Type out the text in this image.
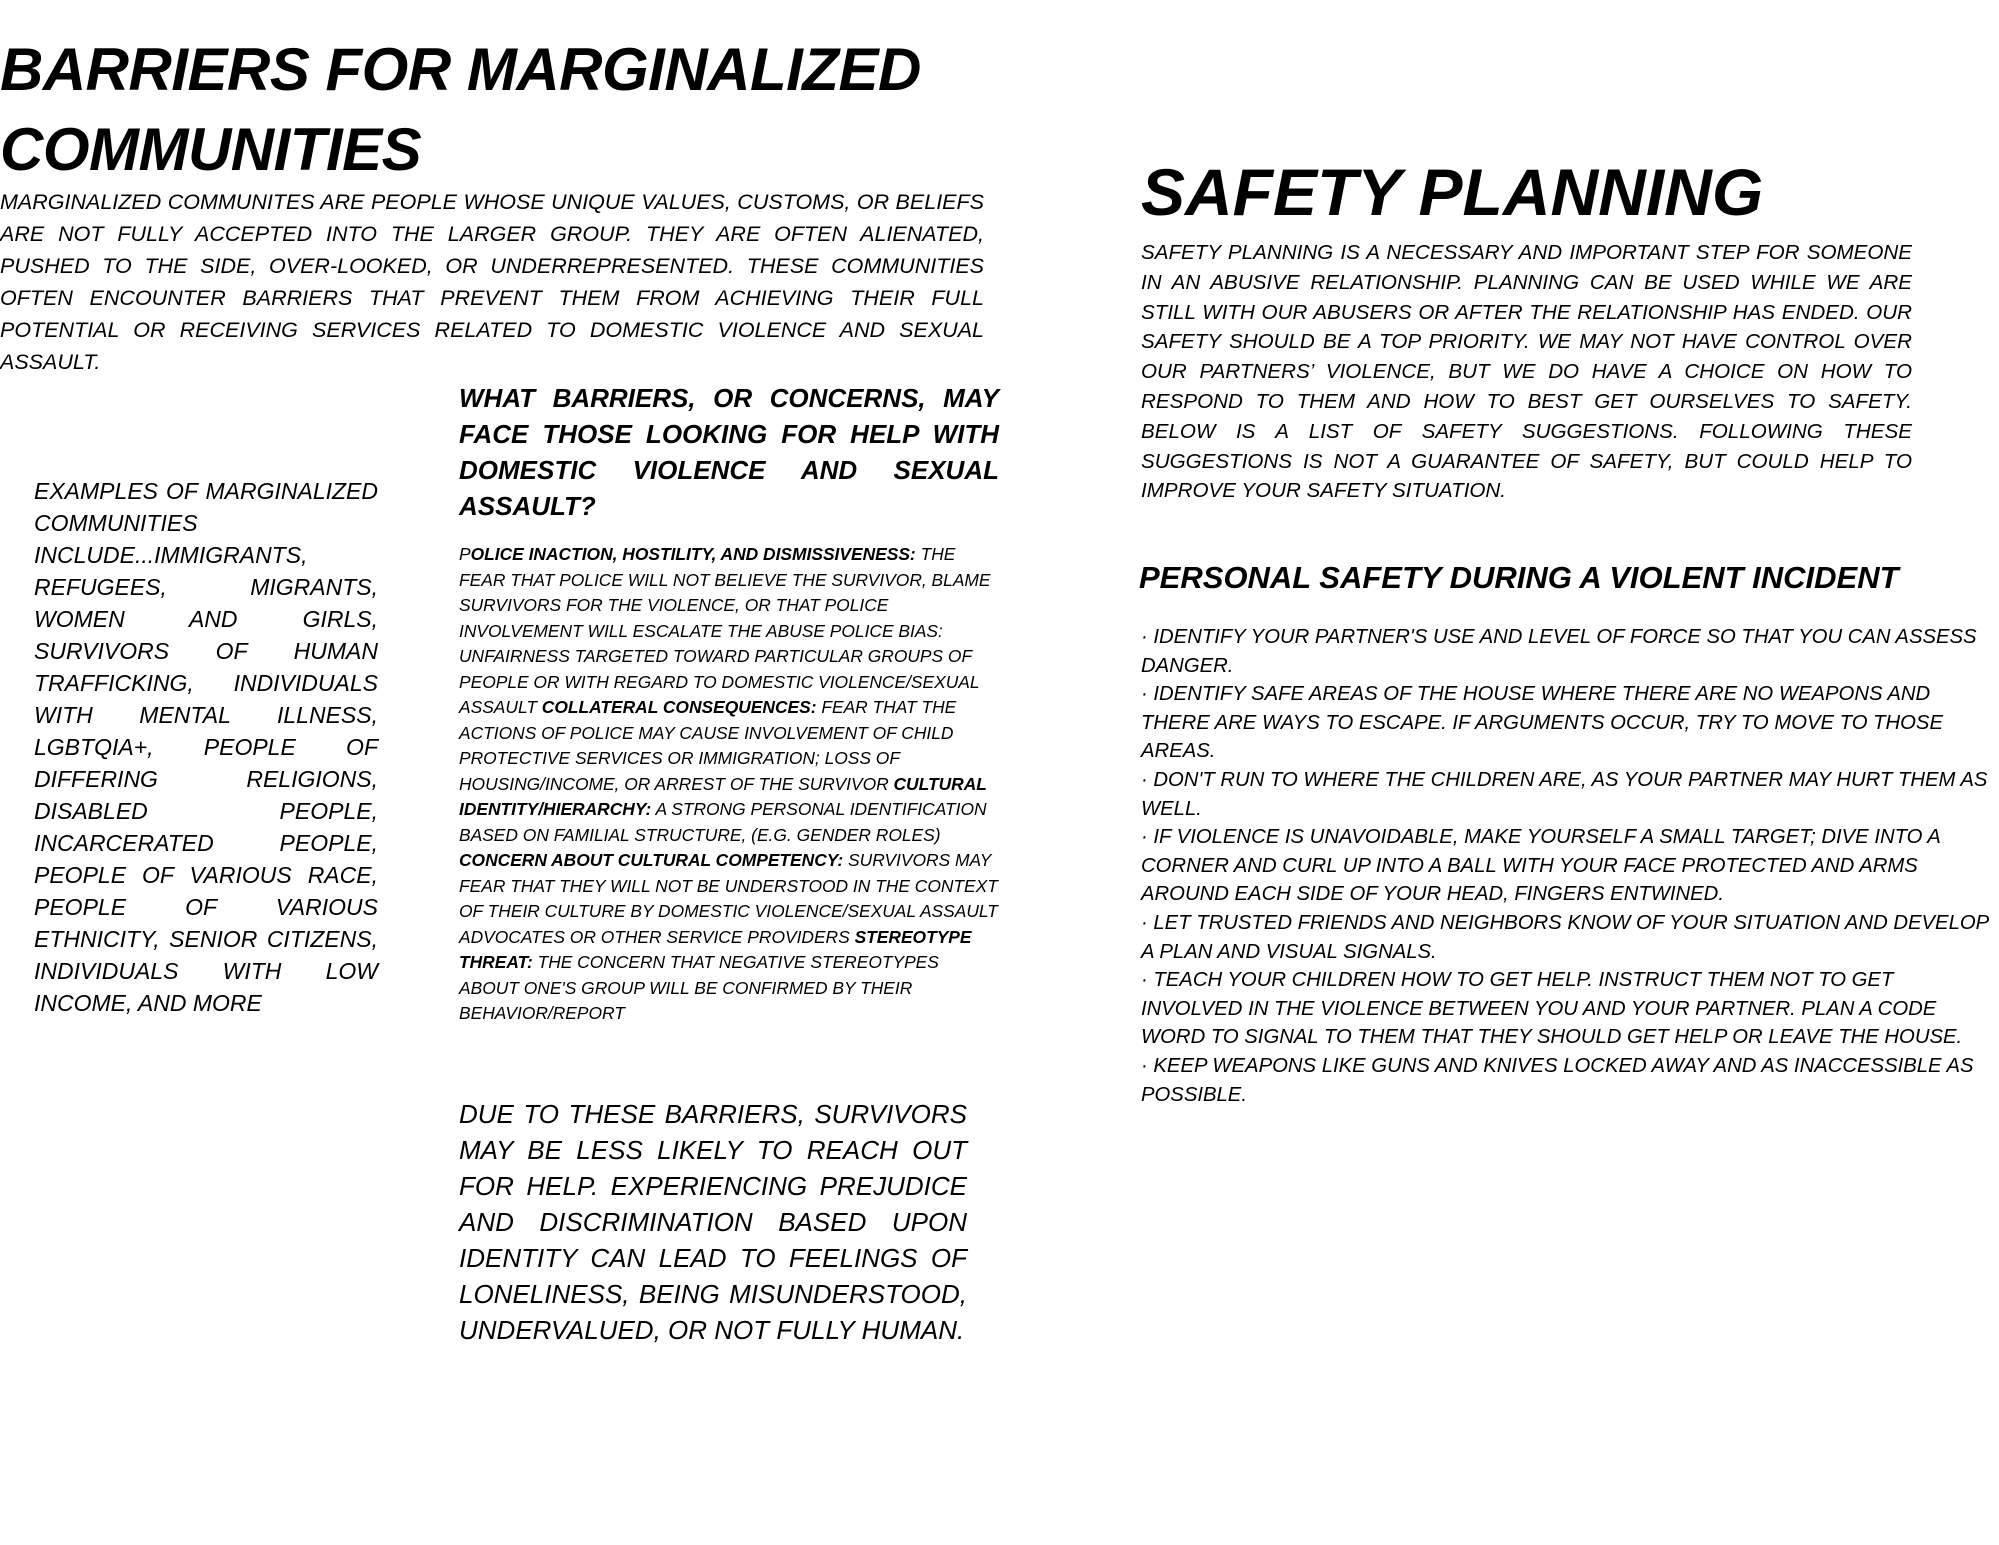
BARRIERS FOR MARGINALIZED COMMUNITIES

MARGINALIZED COMMUNITES ARE PEOPLE WHOSE UNIQUE VALUES, CUSTOMS, OR BELIEFS ARE NOT FULLY ACCEPTED INTO THE LARGER GROUP. THEY ARE OFTEN ALIENATED, PUSHED TO THE SIDE, OVER-LOOKED, OR UNDERREPRESENTED. THESE COMMUNITIES OFTEN ENCOUNTER BARRIERS THAT PREVENT THEM FROM ACHIEVING THEIR FULL POTENTIAL OR RECEIVING SERVICES RELATED TO DOMESTIC VIOLENCE AND SEXUAL ASSAULT.

EXAMPLES OF MARGINALIZED COMMUNITIES INCLUDE...IMMIGRANTS, REFUGEES, MIGRANTS, WOMEN AND GIRLS, SURVIVORS OF HUMAN TRAFFICKING, INDIVIDUALS WITH MENTAL ILLNESS, LGBTQIA+, PEOPLE OF DIFFERING RELIGIONS, DISABLED PEOPLE, INCARCERATED PEOPLE, PEOPLE OF VARIOUS RACE, PEOPLE OF VARIOUS ETHNICITY, SENIOR CITIZENS, INDIVIDUALS WITH LOW INCOME, AND MORE

WHAT BARRIERS, OR CONCERNS, MAY FACE THOSE LOOKING FOR HELP WITH DOMESTIC VIOLENCE AND SEXUAL ASSAULT?

POLICE INACTION, HOSTILITY, AND DISMISSIVENESS: THE FEAR THAT POLICE WILL NOT BELIEVE THE SURVIVOR, BLAME SURVIVORS FOR THE VIOLENCE, OR THAT POLICE INVOLVEMENT WILL ESCALATE THE ABUSE POLICE BIAS: UNFAIRNESS TARGETED TOWARD PARTICULAR GROUPS OF PEOPLE OR WITH REGARD TO DOMESTIC VIOLENCE/SEXUAL ASSAULT COLLATERAL CONSEQUENCES: FEAR THAT THE ACTIONS OF POLICE MAY CAUSE INVOLVEMENT OF CHILD PROTECTIVE SERVICES OR IMMIGRATION; LOSS OF HOUSING/INCOME, OR ARREST OF THE SURVIVOR CULTURAL IDENTITY/HIERARCHY: A STRONG PERSONAL IDENTIFICATION BASED ON FAMILIAL STRUCTURE, (E.G. GENDER ROLES) CONCERN ABOUT CULTURAL COMPETENCY: SURVIVORS MAY FEAR THAT THEY WILL NOT BE UNDERSTOOD IN THE CONTEXT OF THEIR CULTURE BY DOMESTIC VIOLENCE/SEXUAL ASSAULT ADVOCATES OR OTHER SERVICE PROVIDERS STEREOTYPE THREAT: THE CONCERN THAT NEGATIVE STEREOTYPES ABOUT ONE'S GROUP WILL BE CONFIRMED BY THEIR BEHAVIOR/REPORT

DUE TO THESE BARRIERS, SURVIVORS MAY BE LESS LIKELY TO REACH OUT FOR HELP. EXPERIENCING PREJUDICE AND DISCRIMINATION BASED UPON IDENTITY CAN LEAD TO FEELINGS OF LONELINESS, BEING MISUNDERSTOOD, UNDERVALUED, OR NOT FULLY HUMAN.

SAFETY PLANNING

SAFETY PLANNING IS A NECESSARY AND IMPORTANT STEP FOR SOMEONE IN AN ABUSIVE RELATIONSHIP. PLANNING CAN BE USED WHILE WE ARE STILL WITH OUR ABUSERS OR AFTER THE RELATIONSHIP HAS ENDED. OUR SAFETY SHOULD BE A TOP PRIORITY. WE MAY NOT HAVE CONTROL OVER OUR PARTNERS’ VIOLENCE, BUT WE DO HAVE A CHOICE ON HOW TO RESPOND TO THEM AND HOW TO BEST GET OURSELVES TO SAFETY. BELOW IS A LIST OF SAFETY SUGGESTIONS. FOLLOWING THESE SUGGESTIONS IS NOT A GUARANTEE OF SAFETY, BUT COULD HELP TO IMPROVE YOUR SAFETY SITUATION.

PERSONAL SAFETY DURING A VIOLENT INCIDENT
· IDENTIFY YOUR PARTNER'S USE AND LEVEL OF FORCE SO THAT YOU CAN ASSESS DANGER.
· IDENTIFY SAFE AREAS OF THE HOUSE WHERE THERE ARE NO WEAPONS AND THERE ARE WAYS TO ESCAPE. IF ARGUMENTS OCCUR, TRY TO MOVE TO THOSE AREAS.
· DON'T RUN TO WHERE THE CHILDREN ARE, AS YOUR PARTNER MAY HURT THEM AS WELL.
· IF VIOLENCE IS UNAVOIDABLE, MAKE YOURSELF A SMALL TARGET; DIVE INTO A CORNER AND CURL UP INTO A BALL WITH YOUR FACE PROTECTED AND ARMS AROUND EACH SIDE OF YOUR HEAD, FINGERS ENTWINED.
· LET TRUSTED FRIENDS AND NEIGHBORS KNOW OF YOUR SITUATION AND DEVELOP A PLAN AND VISUAL SIGNALS.
· TEACH YOUR CHILDREN HOW TO GET HELP. INSTRUCT THEM NOT TO GET INVOLVED IN THE VIOLENCE BETWEEN YOU AND YOUR PARTNER. PLAN A CODE WORD TO SIGNAL TO THEM THAT THEY SHOULD GET HELP OR LEAVE THE HOUSE.
· KEEP WEAPONS LIKE GUNS AND KNIVES LOCKED AWAY AND AS INACCESSIBLE AS POSSIBLE.
